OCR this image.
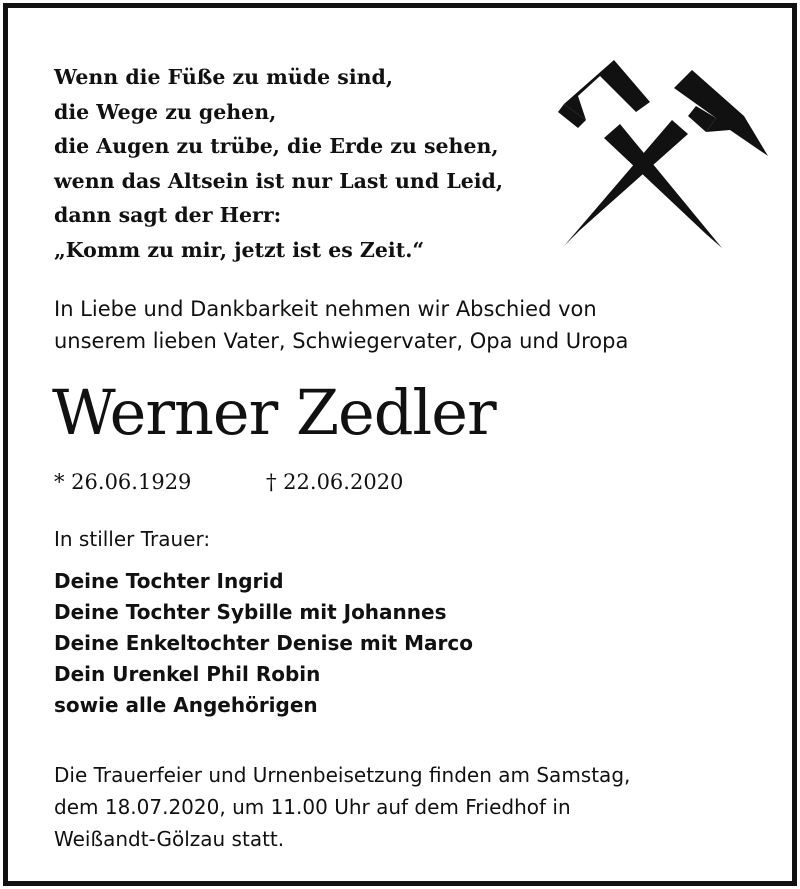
Wenn die Füße zu müde sind,
die Wege zu gehen,
die Augen zu trübe, die Erde zu sehen,
wenn das Altsein ist nur Last und Leid,
dann sagt der Herr:
„Komm zu mir, jetzt ist es Zeit.“
In Liebe und Dankbarkeit nehmen wir Abschied von
unserem lieben Vater, Schwiegervater, Opa und Uropa
Werner Zedler
* 26.06.1929	† 22.06.2020
In stiller Trauer:
Deine Tochter Ingrid
Deine Tochter Sybille mit Johannes
Deine Enkeltochter Denise mit Marco
Dein Urenkel Phil Robin
sowie alle Angehörigen
Die Trauerfeier und Urnenbeisetzung finden am Samstag,
dem 18.07.2020, um 11.00 Uhr auf dem Friedhof in
Weißandt-Gölzau statt.
